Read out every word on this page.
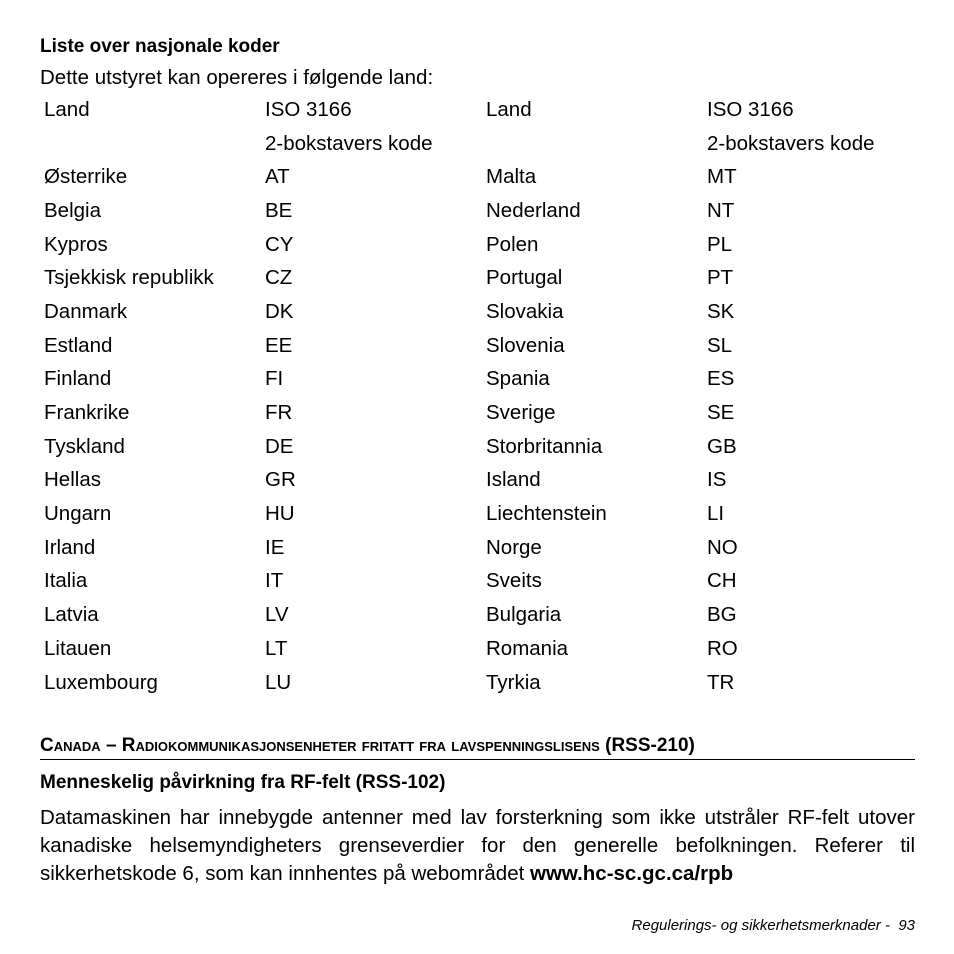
Liste over nasjonale koder
Dette utstyret kan opereres i følgende land:
Land	ISO 3166	Land	ISO 3166
	2-bokstavers kode		2-bokstavers kode
Østerrike	AT	Malta	MT
Belgia	BE	Nederland	NT
Kypros	CY	Polen	PL
Tsjekkisk republikk	CZ	Portugal	PT
Danmark	DK	Slovakia	SK
Estland	EE	Slovenia	SL
Finland	FI	Spania	ES
Frankrike	FR	Sverige	SE
Tyskland	DE	Storbritannia	GB
Hellas	GR	Island	IS
Ungarn	HU	Liechtenstein	LI
Irland	IE	Norge	NO
Italia	IT	Sveits	CH
Latvia	LV	Bulgaria	BG
Litauen	LT	Romania	RO
Luxembourg	LU	Tyrkia	TR
Canada – Radiokommunikasjonsenheter fritatt fra lavspenningslisens (RSS-210)
Menneskelig påvirkning fra RF-felt (RSS-102)
Datamaskinen har innebygde antenner med lav forsterkning som ikke utstråler RF-felt utover kanadiske helsemyndigheters grenseverdier for den generelle befolkningen. Referer til sikkerhetskode 6, som kan innhentes på webområdet www.hc-sc.gc.ca/rpb
Regulerings- og sikkerhetsmerknader - 93
